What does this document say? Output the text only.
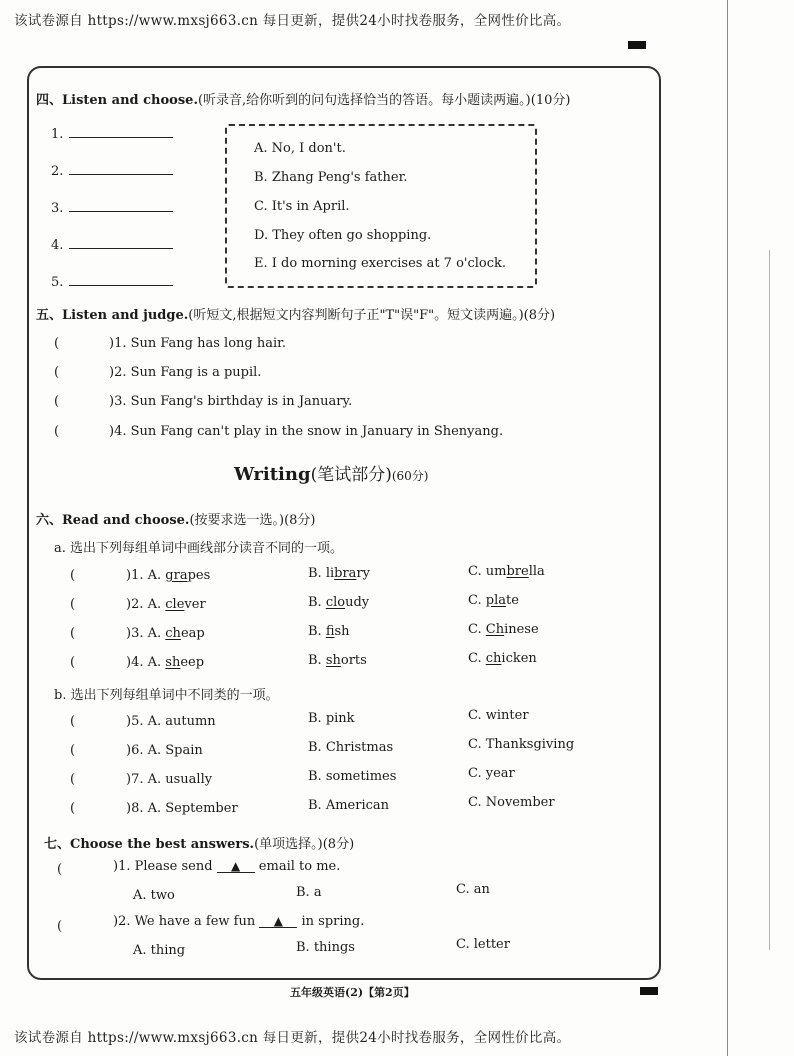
该试卷源自 https://www.mxsj663.cn 每日更新，提供24小时找卷服务，全网性价比高。
四、Listen and choose.(听录音,给你听到的问句选择恰当的答语。每小题读两遍。)(10分)
1.
2.
3.
4.
5.
A. No, I don't.
B. Zhang Peng's father.
C. It's in April.
D. They often go shopping.
E. I do morning exercises at 7 o'clock.
五、Listen and judge.(听短文,根据短文内容判断句子正"T"误"F"。短文读两遍。)(8分)
(	)1. Sun Fang has long hair.
(	)2. Sun Fang is a pupil.
(	)3. Sun Fang's birthday is in January.
(	)4. Sun Fang can't play in the snow in January in Shenyang.
Writing(笔试部分)(60分)
六、Read and choose.(按要求选一选。)(8分)
a. 选出下列每组单词中画线部分读音不同的一项。
(	)1. A. grapes	B. library	C. umbrella
(	)2. A. clever	B. cloudy	C. plate
(	)3. A. cheap	B. fish	C. Chinese
(	)4. A. sheep	B. shorts	C. chicken
b. 选出下列每组单词中不同类的一项。
(	)5. A. autumn	B. pink	C. winter
(	)6. A. Spain	B. Christmas	C. Thanksgiving
(	)7. A. usually	B. sometimes	C. year
(	)8. A. September	B. American	C. November
七、Choose the best answers.(单项选择。)(8分)
(	)1. Please send ▲ email to me.
A. two	B. a	C. an
(	)2. We have a few fun ▲ in spring.
A. thing	B. things	C. letter
五年级英语(2)【第2页】
该试卷源自 https://www.mxsj663.cn 每日更新，提供24小时找卷服务，全网性价比高。
